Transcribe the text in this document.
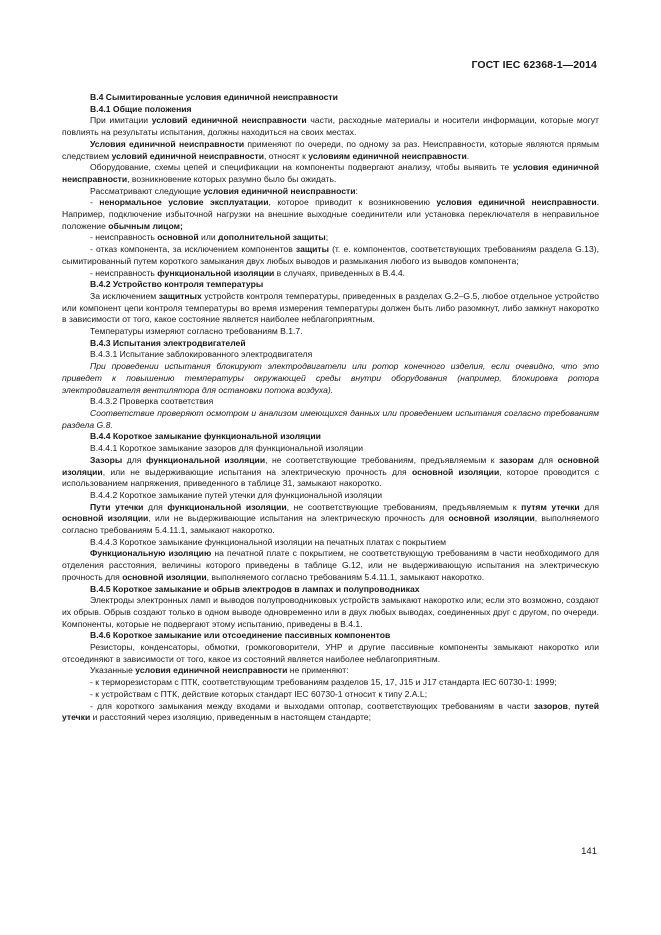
ГОСТ IEC 62368-1—2014

В.4 Сымитированные условия единичной неисправности

В.4.1 Общие положения

При имитации условий единичной неисправности части, расходные материалы и носители информации, которые могут повлиять на результаты испытания, должны находиться на своих местах.

Условия единичной неисправности применяют по очереди, по одному за раз. Неисправности, которые являются прямым следствием условий единичной неисправности, относят к условиям единичной неисправности.

Оборудование, схемы цепей и спецификации на компоненты подвергают анализу, чтобы выявить те условия единичной неисправности, возникновение которых разумно было бы ожидать.

Рассматривают следующие условия единичной неисправности:

- ненормальное условие эксплуатации, которое приводит к возникновению условия единичной неисправности. Например, подключение избыточной нагрузки на внешние выходные соединители или установка переключателя в неправильное положение обычным лицом;

- неисправность основной или дополнительной защиты;

- отказ компонента, за исключением компонентов защиты (т. е. компонентов, соответствующих требованиям раздела G.13), сымитированный путем короткого замыкания двух любых выводов и размыкания любого из выводов компонента;

- неисправность функциональной изоляции в случаях, приведенных в В.4.4.

В.4.2 Устройство контроля температуры

За исключением защитных устройств контроля температуры, приведенных в разделах G.2–G.5, любое отдельное устройство или компонент цепи контроля температуры во время измерения температуры должен быть либо разомкнут, либо замкнут накоротко в зависимости от того, какое состояние является наиболее неблагоприятным.

Температуры измеряют согласно требованиям В.1.7.

В.4.3 Испытания электродвигателей

В.4.3.1 Испытание заблокированного электродвигателя

При проведении испытания блокируют электродвигатели или ротор конечного изделия, если очевидно, что это приведет к повышению температуры окружающей среды внутри оборудования (например, блокировка ротора электродвигателя вентилятора для остановки потока воздуха).

В.4.3.2 Проверка соответствия

Соответствие проверяют осмотром и анализом имеющихся данных или проведением испытания согласно требованиям раздела G.8.

В.4.4 Короткое замыкание функциональной изоляции

В.4.4.1 Короткое замыкание зазоров для функциональной изоляции

Зазоры для функциональной изоляции, не соответствующие требованиям, предъявляемым к зазорам для основной изоляции, или не выдерживающие испытания на электрическую прочность для основной изоляции, которое проводится с использованием напряжения, приведенного в таблице 31, замыкают накоротко.

В.4.4.2 Короткое замыкание путей утечки для функциональной изоляции

Пути утечки для функциональной изоляции, не соответствующие требованиям, предъявляемым к путям утечки для основной изоляции, или не выдерживающие испытания на электрическую прочность для основной изоляции, выполняемого согласно требованиям 5.4.11.1, замыкают накоротко.

В.4.4.3 Короткое замыкание функциональной изоляции на печатных платах с покрытием

Функциональную изоляцию на печатной плате с покрытием, не соответствующую требованиям в части необходимого для отделения расстояния, величины которого приведены в таблице G.12, или не выдерживающую испытания на электрическую прочность для основной изоляции, выполняемого согласно требованиям 5.4.11.1, замыкают накоротко.

В.4.5 Короткое замыкание и обрыв электродов в лампах и полупроводниках

Электроды электронных ламп и выводов полупроводниковых устройств замыкают накоротко или; если это возможно, создают их обрыв. Обрыв создают только в одном выводе одновременно или в двух любых выводах, соединенных друг с другом, по очереди. Компоненты, которые не подвергают этому испытанию, приведены в В.4.1.

В.4.6 Короткое замыкание или отсоединение пассивных компонентов

Резисторы, конденсаторы, обмотки, громкоговорители, УНР и другие пассивные компоненты замыкают накоротко или отсоединяют в зависимости от того, какое из состояний является наиболее неблагоприятным.

Указанные условия единичной неисправности не применяют:

- к терморезисторам с ПТК, соответствующим требованиям разделов 15, 17, J15 и J17 стандарта IEC 60730-1: 1999;

- к устройствам с ПТК, действие которых стандарт IEC 60730-1 относит к типу 2.A.L;

- для короткого замыкания между входами и выходами оптопар, соответствующих требованиям в части зазоров, путей утечки и расстояний через изоляцию, приведенным в настоящем стандарте;

141
